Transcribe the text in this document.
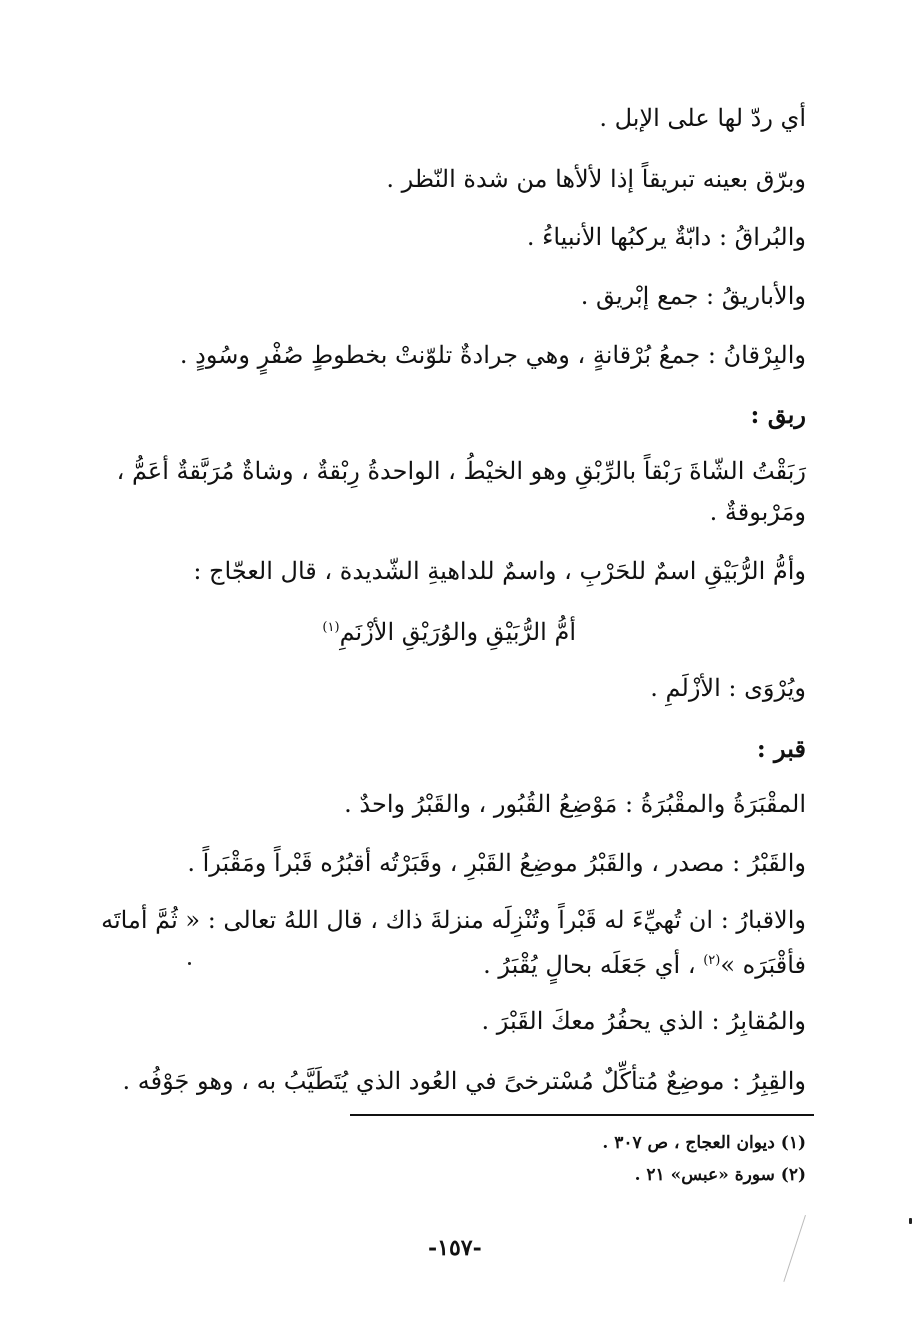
أي ردّ لها على الإبل .
وبرّق بعينه تبريقاً إذا لألأها من شدة النّظر .
والبُراقُ : دابّةٌ يركبُها الأنبياءُ .
والأباريقُ : جمع إبْريق .
والبِرْقانُ : جمعُ بُرْقانةٍ ، وهي جرادةٌ تلوّنتْ بخطوطٍ صُفْرٍ وسُودٍ .
ربق :
رَبَقْتُ الشّاةَ رَبْقاً بالرِّبْقِ وهو الخيْطُ ، الواحدةُ رِبْقةٌ ، وشاةٌ مُرَبَّقةٌ أعَمُّ ،
ومَرْبوقةٌ .
وأمُّ الرُّبَيْقِ اسمٌ للحَرْبِ ، واسمٌ للداهيةِ الشّديدة ، قال العجّاج :
أمُّ الرُّبَيْقِ والوُرَيْقِ الأزْنَمِ$^{(١)}$
ويُرْوَى : الأزْلَمِ .
قبر :
المقْبَرَةُ والمقْبُرَةُ : مَوْضِعُ القُبُور ، والقَبْرُ واحدٌ .
والقَبْرُ : مصدر ، والقَبْرُ موضِعُ القَبْرِ ، وقَبَرْتُه أقبُرُه قَبْراً ومَقْبَراً .
والاقبارُ : ان تُهيِّءَ له قَبْراً وتُنْزِلَه منزلةَ ذاك ، قال اللهُ تعالى : « ثُمَّ أماتَه
فأقْبَرَه »$^{(٢)}$ ، أي جَعَلَه بحالٍ يُقْبَرُ .
والمُقابِرُ : الذي يحفُرُ معكَ القَبْرَ .
والقِبِرُ : موضِعٌ مُتأكِّلٌ مُسْترخىً في العُود الذي يُتَطَيَّبُ به ، وهو جَوْفُه .
(١) ديوان العجاج ، ص ٣٠٧ .
(٢) سورة «عبس» ٢١ .
-١٥٧-
